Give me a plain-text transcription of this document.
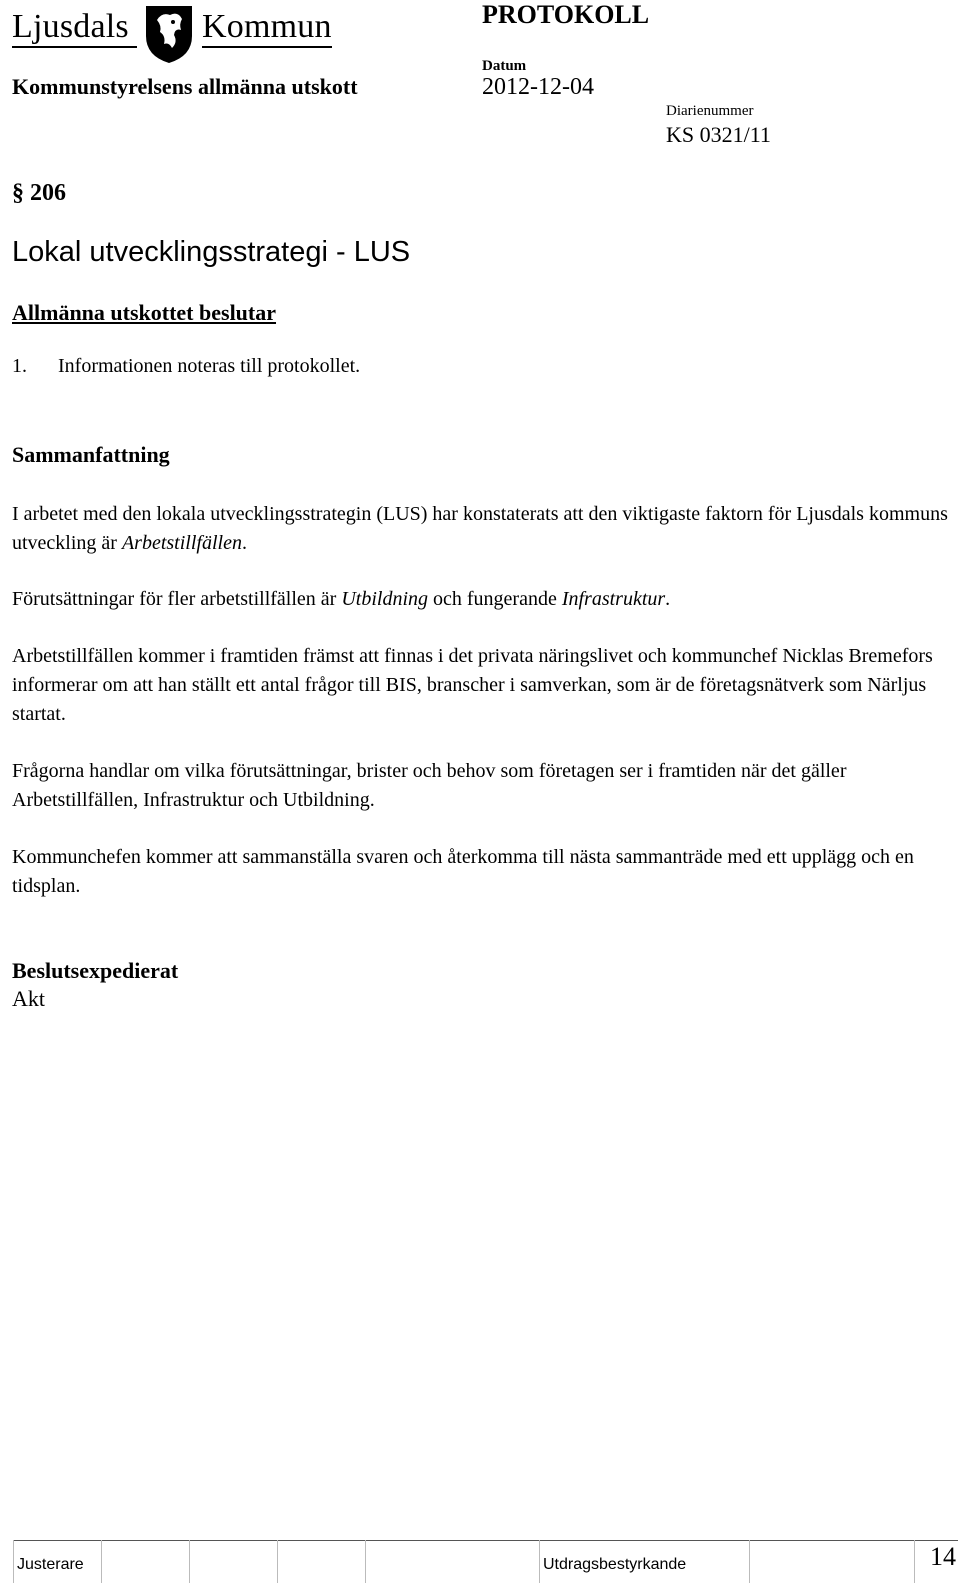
Ljusdals Kommun	PROTOKOLL
Kommunstyrelsens allmänna utskott
Datum
2012-12-04
Diarienummer
KS 0321/11
§ 206
Lokal utvecklingsstrategi - LUS
Allmänna utskottet beslutar
1. Informationen noteras till protokollet.
Sammanfattning
I arbetet med den lokala utvecklingsstrategin (LUS) har konstaterats att den viktigaste faktorn för Ljusdals kommuns utveckling är Arbetstillfällen.
Förutsättningar för fler arbetstillfällen är Utbildning och fungerande Infrastruktur.
Arbetstillfällen kommer i framtiden främst att finnas i det privata näringslivet och kommunchef Nicklas Bremefors informerar om att han ställt ett antal frågor till BIS, branscher i samverkan, som är de företagsnätverk som Närljus startat.
Frågorna handlar om vilka förutsättningar, brister och behov som företagen ser i framtiden när det gäller Arbetstillfällen, Infrastruktur och Utbildning.
Kommunchefen kommer att sammanställa svaren och återkomma till nästa sammanträde med ett upplägg och en tidsplan.
Beslutsexpedierat
Akt
Justerare	Utdragsbestyrkande	14
